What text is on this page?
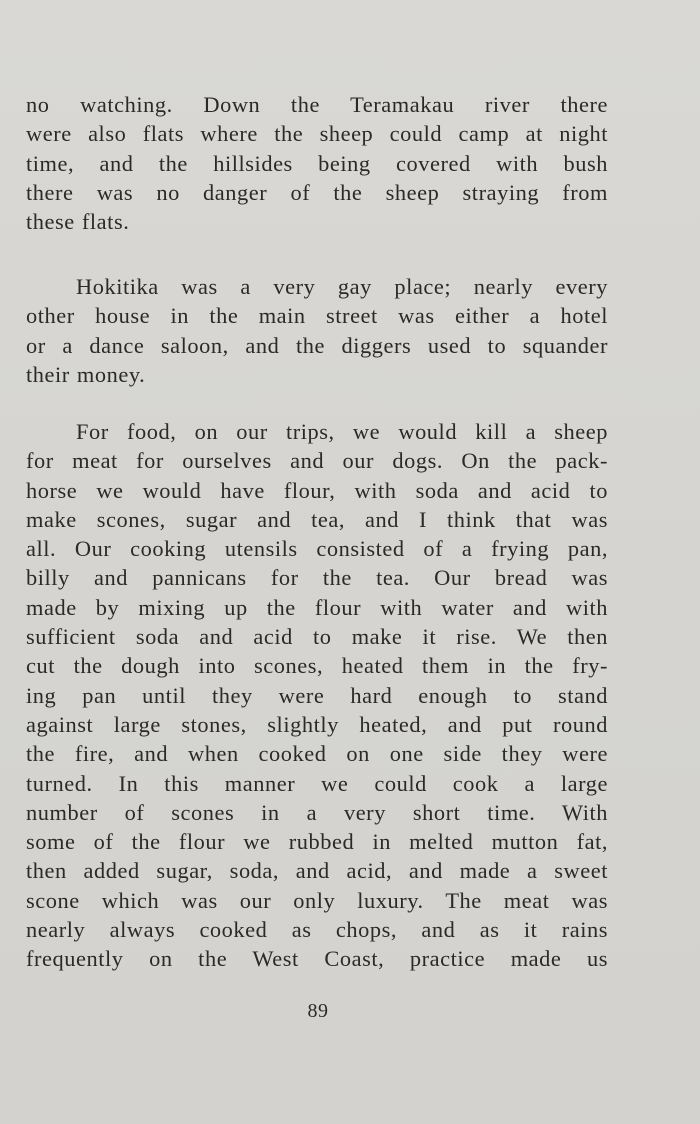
no watching. Down the Teramakau river there
were also flats where the sheep could camp at night
time, and the hillsides being covered with bush
there was no danger of the sheep straying from
these flats.
Hokitika was a very gay place; nearly every
other house in the main street was either a hotel
or a dance saloon, and the diggers used to squander
their money.
For food, on our trips, we would kill a sheep
for meat for ourselves and our dogs. On the pack-
horse we would have flour, with soda and acid to
make scones, sugar and tea, and I think that was
all. Our cooking utensils consisted of a frying pan,
billy and pannicans for the tea. Our bread was
made by mixing up the flour with water and with
sufficient soda and acid to make it rise. We then
cut the dough into scones, heated them in the fry-
ing pan until they were hard enough to stand
against large stones, slightly heated, and put round
the fire, and when cooked on one side they were
turned. In this manner we could cook a large
number of scones in a very short time. With
some of the flour we rubbed in melted mutton fat,
then added sugar, soda, and acid, and made a sweet
scone which was our only luxury. The meat was
nearly always cooked as chops, and as it rains
frequently on the West Coast, practice made us
89
